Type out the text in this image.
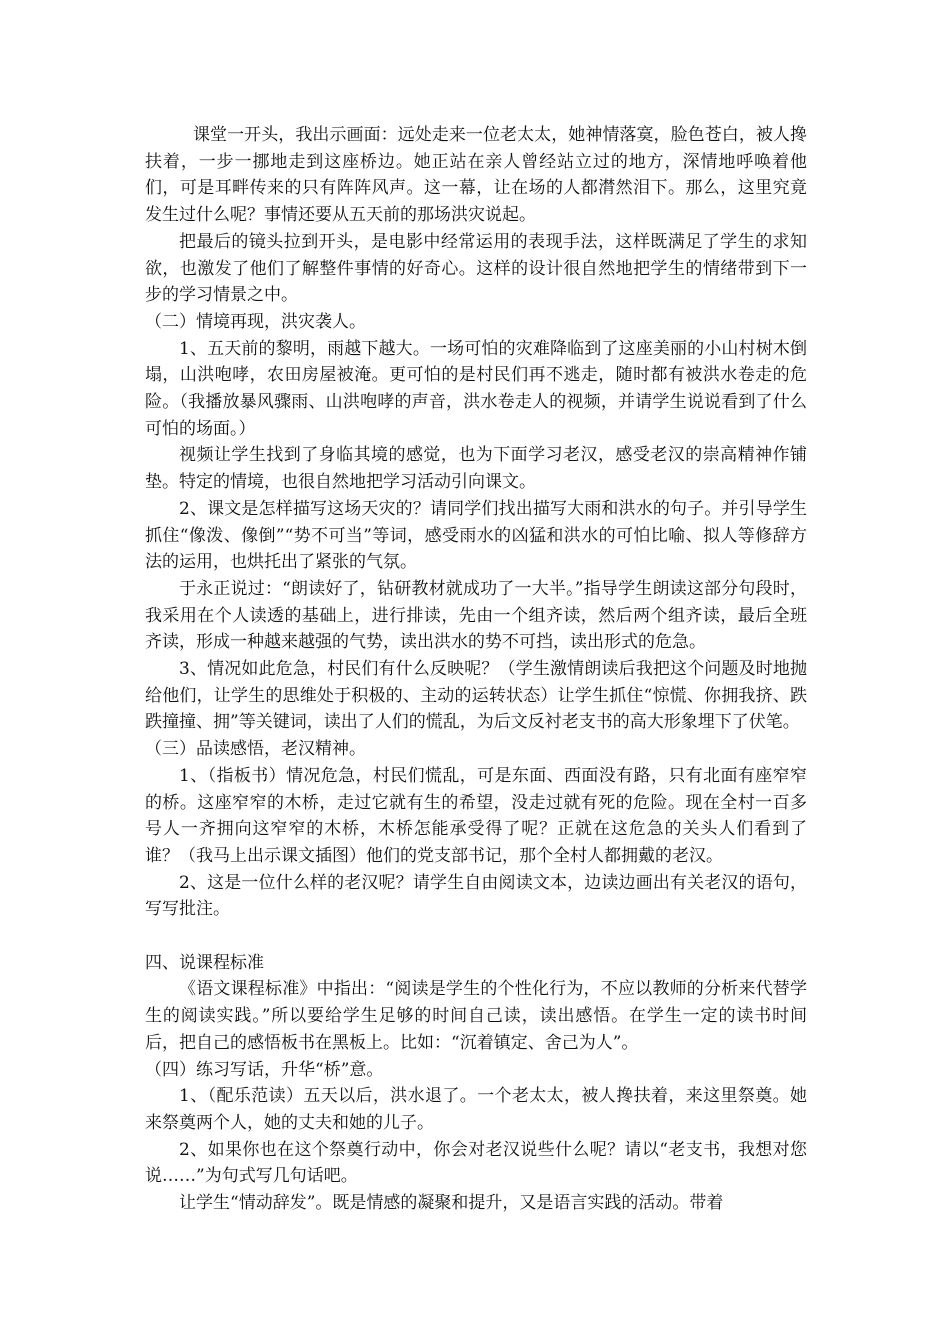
课堂一开头，我出示画面：远处走来一位老太太，她神情落寞，脸色苍白，被人搀扶着，一步一挪地走到这座桥边。她正站在亲人曾经站立过的地方，深情地呼唤着他们，可是耳畔传来的只有阵阵风声。这一幕，让在场的人都潸然泪下。那么，这里究竟发生过什么呢？事情还要从五天前的那场洪灾说起。

把最后的镜头拉到开头，是电影中经常运用的表现手法，这样既满足了学生的求知欲，也激发了他们了解整件事情的好奇心。这样的设计很自然地把学生的情绪带到下一步的学习情景之中。

（二）情境再现，洪灾袭人。

1、五天前的黎明，雨越下越大。一场可怕的灾难降临到了这座美丽的小山村树木倒塌，山洪咆哮，农田房屋被淹。更可怕的是村民们再不逃走，随时都有被洪水卷走的危险。（我播放暴风骤雨、山洪咆哮的声音，洪水卷走人的视频，并请学生说说看到了什么可怕的场面。）

视频让学生找到了身临其境的感觉，也为下面学习老汉，感受老汉的崇高精神作铺垫。特定的情境，也很自然地把学习活动引向课文。

2、课文是怎样描写这场天灾的？请同学们找出描写大雨和洪水的句子。并引导学生抓住“像泼、像倒”“势不可当”等词，感受雨水的凶猛和洪水的可怕比喻、拟人等修辞方法的运用，也烘托出了紧张的气氛。

于永正说过：“朗读好了，钻研教材就成功了一大半。”指导学生朗读这部分句段时，我采用在个人读透的基础上，进行排读，先由一个组齐读，然后两个组齐读，最后全班齐读，形成一种越来越强的气势，读出洪水的势不可挡，读出形式的危急。

3、情况如此危急，村民们有什么反映呢？（学生激情朗读后我把这个问题及时地抛给他们，让学生的思维处于积极的、主动的运转状态）让学生抓住“惊慌、你拥我挤、跌跌撞撞、拥”等关键词，读出了人们的慌乱，为后文反衬老支书的高大形象埋下了伏笔。

（三）品读感悟，老汉精神。

1、（指板书）情况危急，村民们慌乱，可是东面、西面没有路，只有北面有座窄窄的桥。这座窄窄的木桥，走过它就有生的希望，没走过就有死的危险。现在全村一百多号人一齐拥向这窄窄的木桥，木桥怎能承受得了呢？正就在这危急的关头人们看到了谁？（我马上出示课文插图）他们的党支部书记，那个全村人都拥戴的老汉。

2、这是一位什么样的老汉呢？请学生自由阅读文本，边读边画出有关老汉的语句，写写批注。

四、说课程标准

《语文课程标准》中指出：“阅读是学生的个性化行为，不应以教师的分析来代替学生的阅读实践。”所以要给学生足够的时间自己读，读出感悟。在学生一定的读书时间后，把自己的感悟板书在黑板上。比如：“沉着镇定、舍己为人”。

（四）练习写话，升华“桥”意。

1、（配乐范读）五天以后，洪水退了。一个老太太，被人搀扶着，来这里祭奠。她来祭奠两个人，她的丈夫和她的儿子。

2、如果你也在这个祭奠行动中，你会对老汉说些什么呢？请以“老支书，我想对您说……”为句式写几句话吧。

让学生“情动辞发”。既是情感的凝聚和提升，又是语言实践的活动。带着
